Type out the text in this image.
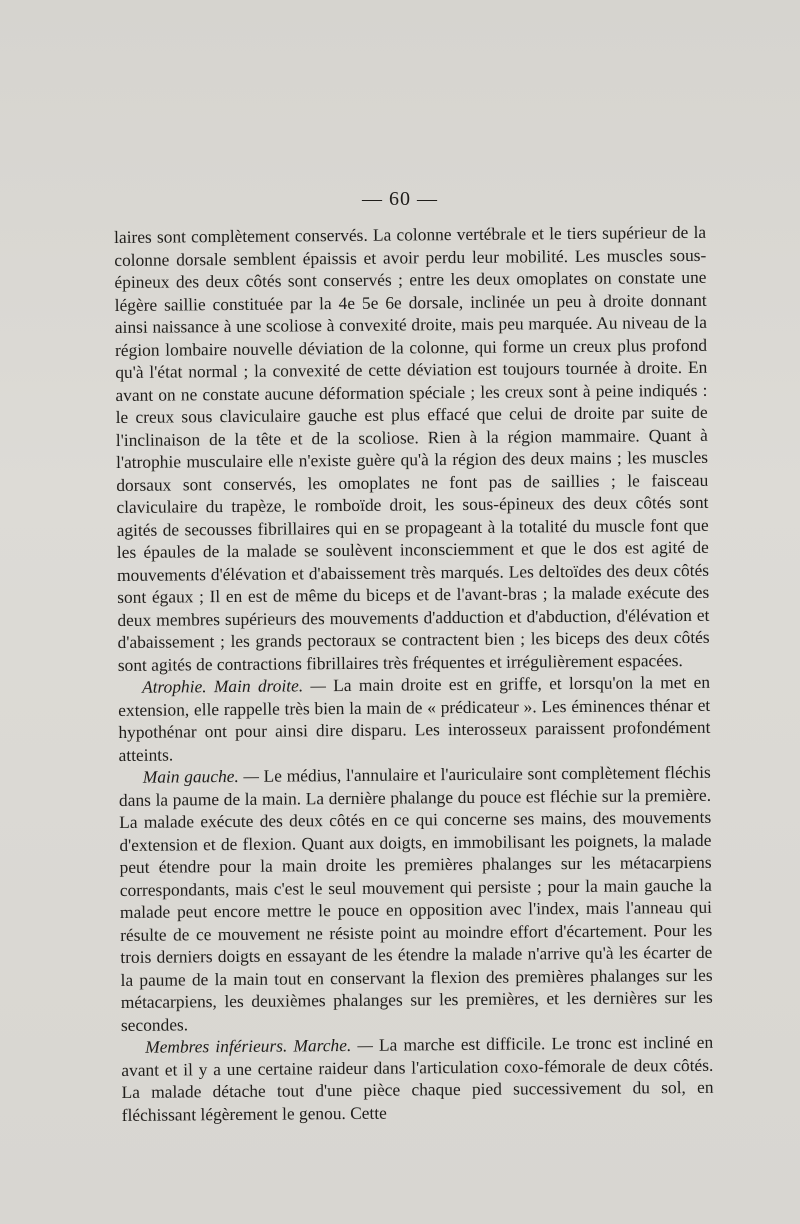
— 60 —

laires sont complètement conservés. La colonne vertébrale et le tiers supérieur de la colonne dorsale semblent épaissis et avoir perdu leur mobilité. Les muscles sous-épineux des deux côtés sont conservés ; entre les deux omoplates on constate une légère saillie constituée par la 4e 5e 6e dorsale, inclinée un peu à droite donnant ainsi naissance à une scoliose à convexité droite, mais peu marquée. Au niveau de la région lombaire nouvelle déviation de la colonne, qui forme un creux plus profond qu'à l'état normal ; la convexité de cette déviation est toujours tournée à droite. En avant on ne constate aucune déformation spéciale ; les creux sont à peine indiqués : le creux sous claviculaire gauche est plus effacé que celui de droite par suite de l'inclinaison de la tête et de la scoliose. Rien à la région mammaire. Quant à l'atrophie musculaire elle n'existe guère qu'à la région des deux mains ; les muscles dorsaux sont conservés, les omoplates ne font pas de saillies ; le faisceau claviculaire du trapèze, le romboïde droit, les sous-épineux des deux côtés sont agités de secousses fibrillaires qui en se propageant à la totalité du muscle font que les épaules de la malade se soulèvent inconsciemment et que le dos est agité de mouvements d'élévation et d'abaissement très marqués. Les deltoïdes des deux côtés sont égaux ; Il en est de même du biceps et de l'avant-bras ; la malade exécute des deux membres supérieurs des mouvements d'adduction et d'abduction, d'élévation et d'abaissement ; les grands pectoraux se contractent bien ; les biceps des deux côtés sont agités de contractions fibrillaires très fréquentes et irrégulièrement espacées.

Atrophie. Main droite. — La main droite est en griffe, et lorsqu'on la met en extension, elle rappelle très bien la main de « prédicateur ». Les éminences thénar et hypothénar ont pour ainsi dire disparu. Les interosseux paraissent profondément atteints.

Main gauche. — Le médius, l'annulaire et l'auriculaire sont complètement fléchis dans la paume de la main. La dernière phalange du pouce est fléchie sur la première. La malade exécute des deux côtés en ce qui concerne ses mains, des mouvements d'extension et de flexion. Quant aux doigts, en immobilisant les poignets, la malade peut étendre pour la main droite les premières phalanges sur les métacarpiens correspondants, mais c'est le seul mouvement qui persiste ; pour la main gauche la malade peut encore mettre le pouce en opposition avec l'index, mais l'anneau qui résulte de ce mouvement ne résiste point au moindre effort d'écartement. Pour les trois derniers doigts en essayant de les étendre la malade n'arrive qu'à les écarter de la paume de la main tout en conservant la flexion des premières phalanges sur les métacarpiens, les deuxièmes phalanges sur les premières, et les dernières sur les secondes.

Membres inférieurs. Marche. — La marche est difficile. Le tronc est incliné en avant et il y a une certaine raideur dans l'articulation coxo-fémorale de deux côtés. La malade détache tout d'une pièce chaque pied successivement du sol, en fléchissant légèrement le genou. Cette
